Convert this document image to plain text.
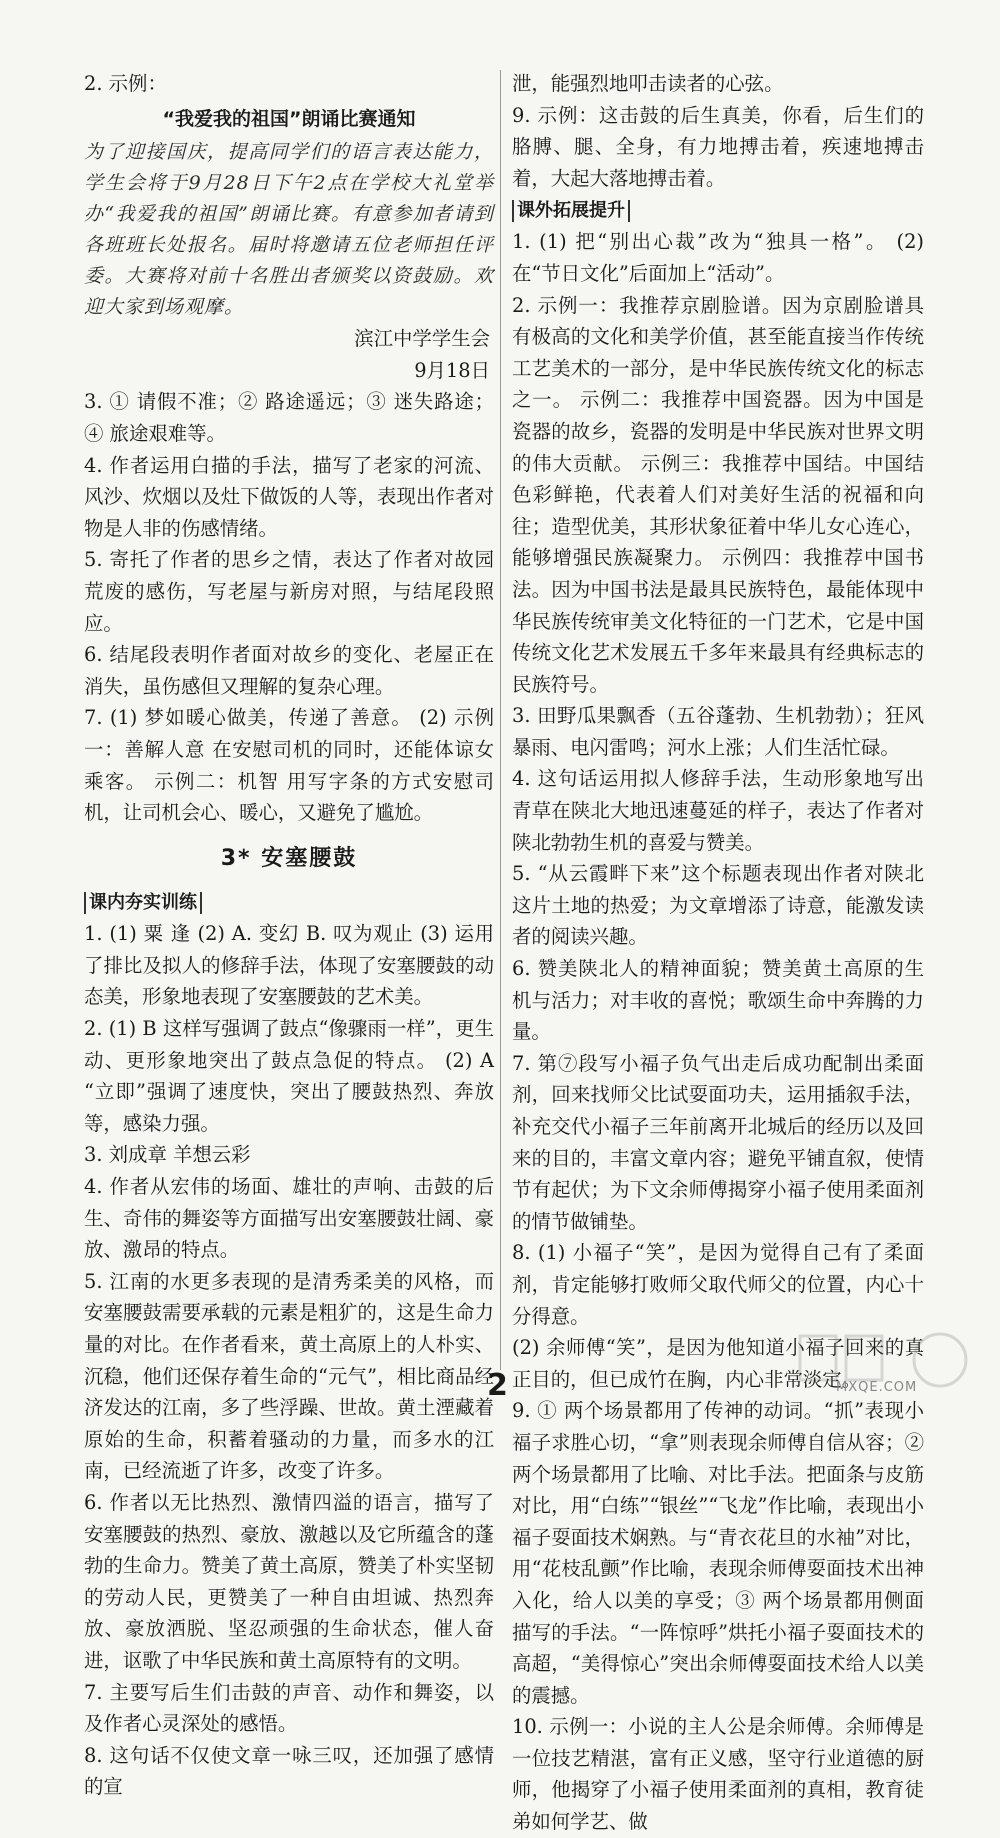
2. 示例：

“我爱我的祖国”朗诵比赛通知

为了迎接国庆，提高同学们的语言表达能力，学生会将于9月28日下午2点在学校大礼堂举办“我爱我的祖国”朗诵比赛。有意参加者请到各班班长处报名。届时将邀请五位老师担任评委。大赛将对前十名胜出者颁奖以资鼓励。欢迎大家到场观摩。

滨江中学学生会

9月18日

3. ① 请假不准；② 路途遥远；③ 迷失路途；④ 旅途艰难等。

4. 作者运用白描的手法，描写了老家的河流、风沙、炊烟以及灶下做饭的人等，表现出作者对物是人非的伤感情绪。

5. 寄托了作者的思乡之情，表达了作者对故园荒废的感伤，写老屋与新房对照，与结尾段照应。

6. 结尾段表明作者面对故乡的变化、老屋正在消失，虽伤感但又理解的复杂心理。

7. (1) 梦如暖心做美，传递了善意。 (2) 示例一：善解人意 在安慰司机的同时，还能体谅女乘客。 示例二：机智 用写字条的方式安慰司机，让司机会心、暖心，又避免了尴尬。

3* 安塞腰鼓

课内夯实训练

1. (1) 粟 逢 (2) A. 变幻 B. 叹为观止 (3) 运用了排比及拟人的修辞手法，体现了安塞腰鼓的动态美，形象地表现了安塞腰鼓的艺术美。

2. (1) B 这样写强调了鼓点“像骤雨一样”，更生动、更形象地突出了鼓点急促的特点。 (2) A “立即”强调了速度快，突出了腰鼓热烈、奔放等，感染力强。

3. 刘成章 羊想云彩

4. 作者从宏伟的场面、雄壮的声响、击鼓的后生、奇伟的舞姿等方面描写出安塞腰鼓壮阔、豪放、激昂的特点。

5. 江南的水更多表现的是清秀柔美的风格，而安塞腰鼓需要承载的元素是粗犷的，这是生命力量的对比。在作者看来，黄土高原上的人朴实、沉稳，他们还保存着生命的“元气”，相比商品经济发达的江南，多了些浮躁、世故。黄土湮藏着原始的生命，积蓄着骚动的力量，而多水的江南，已经流逝了许多，改变了许多。

6. 作者以无比热烈、激情四溢的语言，描写了安塞腰鼓的热烈、豪放、激越以及它所蕴含的蓬勃的生命力。赞美了黄土高原，赞美了朴实坚韧的劳动人民，更赞美了一种自由坦诚、热烈奔放、豪放洒脱、坚忍顽强的生命状态，催人奋进，讴歌了中华民族和黄土高原特有的文明。

7. 主要写后生们击鼓的声音、动作和舞姿，以及作者心灵深处的感悟。

8. 这句话不仅使文章一咏三叹，还加强了感情的宣

泄，能强烈地叩击读者的心弦。

9. 示例：这击鼓的后生真美，你看，后生们的胳膊、腿、全身，有力地搏击着，疾速地搏击着，大起大落地搏击着。

课外拓展提升

1. (1) 把“别出心裁”改为“独具一格”。 (2) 在“节日文化”后面加上“活动”。

2. 示例一：我推荐京剧脸谱。因为京剧脸谱具有极高的文化和美学价值，甚至能直接当作传统工艺美术的一部分，是中华民族传统文化的标志之一。 示例二：我推荐中国瓷器。因为中国是瓷器的故乡，瓷器的发明是中华民族对世界文明的伟大贡献。 示例三：我推荐中国结。中国结色彩鲜艳，代表着人们对美好生活的祝福和向往；造型优美，其形状象征着中华儿女心连心，能够增强民族凝聚力。 示例四：我推荐中国书法。因为中国书法是最具民族特色，最能体现中华民族传统审美文化特征的一门艺术，它是中国传统文化艺术发展五千多年来最具有经典标志的民族符号。

3. 田野瓜果飘香（五谷蓬勃、生机勃勃）；狂风暴雨、电闪雷鸣；河水上涨；人们生活忙碌。

4. 这句话运用拟人修辞手法，生动形象地写出青草在陕北大地迅速蔓延的样子，表达了作者对陕北勃勃生机的喜爱与赞美。

5. “从云霞畔下来”这个标题表现出作者对陕北这片土地的热爱；为文章增添了诗意，能激发读者的阅读兴趣。

6. 赞美陕北人的精神面貌；赞美黄土高原的生机与活力；对丰收的喜悦；歌颂生命中奔腾的力量。

7. 第⑦段写小福子负气出走后成功配制出柔面剂，回来找师父比试耍面功夫，运用插叙手法，补充交代小福子三年前离开北城后的经历以及回来的目的，丰富文章内容；避免平铺直叙，使情节有起伏；为下文余师傅揭穿小福子使用柔面剂的情节做铺垫。

8. (1) 小福子“笑”，是因为觉得自己有了柔面剂，肯定能够打败师父取代师父的位置，内心十分得意。

(2) 余师傅“笑”，是因为他知道小福子回来的真正目的，但已成竹在胸，内心非常淡定。

9. ① 两个场景都用了传神的动词。“抓”表现小福子求胜心切，“拿”则表现余师傅自信从容；② 两个场景都用了比喻、对比手法。把面条与皮筋对比，用“白练”“银丝”“飞龙”作比喻，表现出小福子耍面技术娴熟。与“青衣花旦的水袖”对比，用“花枝乱颤”作比喻，表现余师傅耍面技术出神入化，给人以美的享受；③ 两个场景都用侧面描写的手法。“一阵惊呼”烘托小福子耍面技术的高超，“美得惊心”突出余师傅耍面技术给人以美的震撼。

10. 示例一：小说的主人公是余师傅。余师傅是一位技艺精湛，富有正义感，坚守行业道德的厨师，他揭穿了小福子使用柔面剂的真相，教育徒弟如何学艺、做

2	MXQE.COM
